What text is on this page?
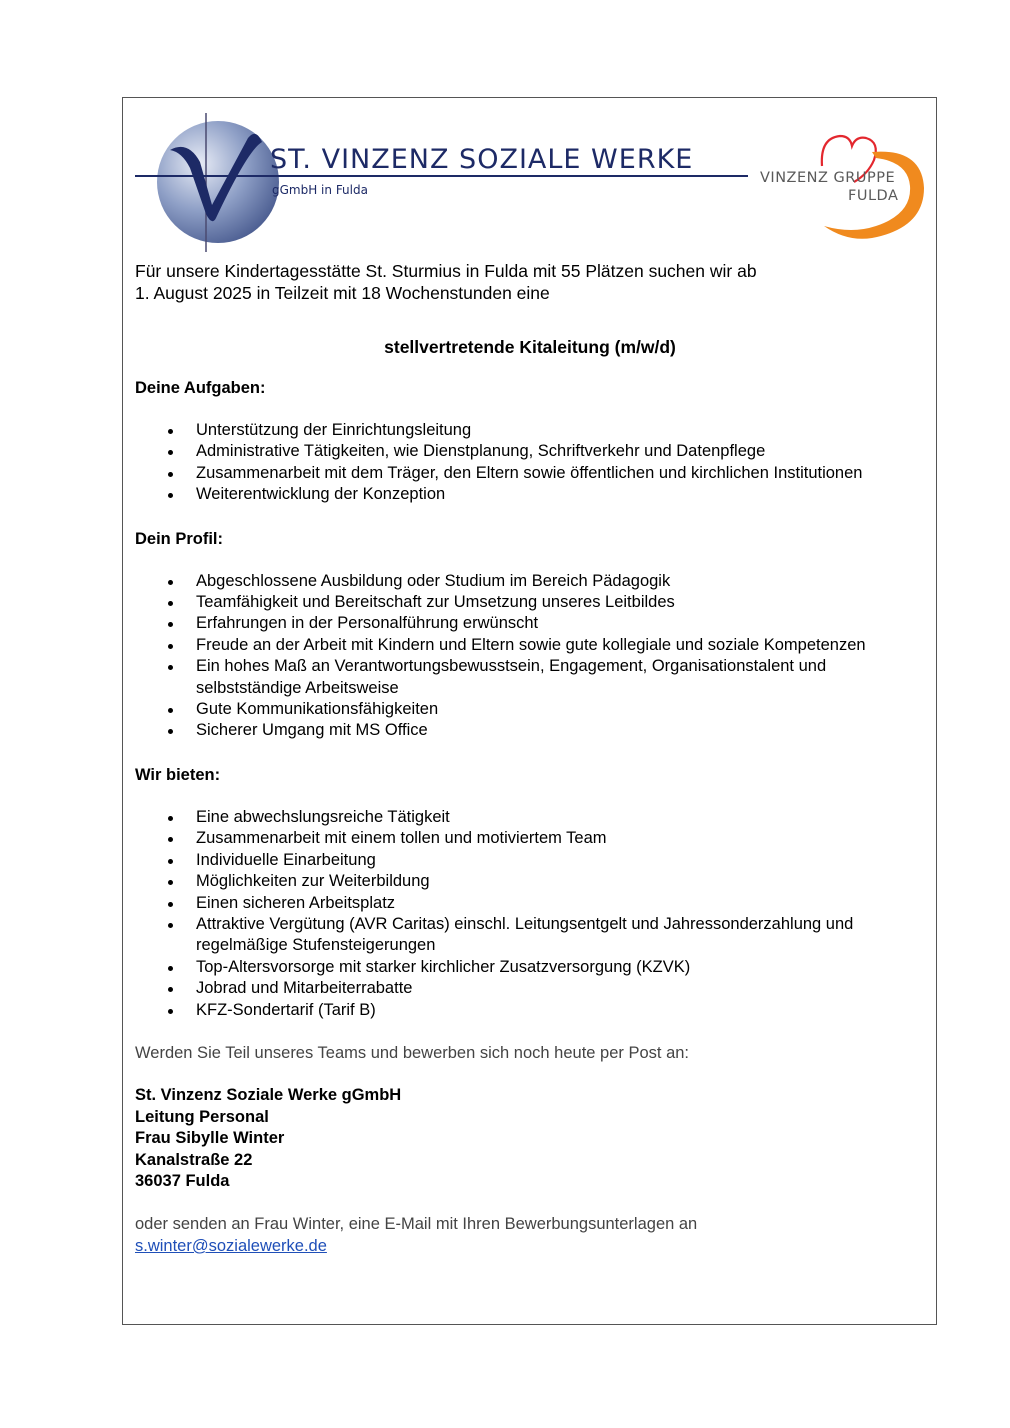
ST. VINZENZ SOZIALE WERKE
gGmbH in Fulda
VINZENZ GRUPPE
FULDA

Für unsere Kindertagesstätte St. Sturmius in Fulda mit 55 Plätzen suchen wir ab

1. August 2025 in Teilzeit mit 18 Wochenstunden eine

stellvertretende Kitaleitung (m/w/d)

Deine Aufgaben:

Unterstützung der Einrichtungsleitung
Administrative Tätigkeiten, wie Dienstplanung, Schriftverkehr und Datenpflege
Zusammenarbeit mit dem Träger, den Eltern sowie öffentlichen und kirchlichen Institutionen
Weiterentwicklung der Konzeption

Dein Profil:

Abgeschlossene Ausbildung oder Studium im Bereich Pädagogik
Teamfähigkeit und Bereitschaft zur Umsetzung unseres Leitbildes
Erfahrungen in der Personalführung erwünscht
Freude an der Arbeit mit Kindern und Eltern sowie gute kollegiale und soziale Kompetenzen
Ein hohes Maß an Verantwortungsbewusstsein, Engagement, Organisationstalent und selbstständige Arbeitsweise
Gute Kommunikationsfähigkeiten
Sicherer Umgang mit MS Office

Wir bieten:

Eine abwechslungsreiche Tätigkeit
Zusammenarbeit mit einem tollen und motiviertem Team
Individuelle Einarbeitung
Möglichkeiten zur Weiterbildung
Einen sicheren Arbeitsplatz
Attraktive Vergütung (AVR Caritas) einschl. Leitungsentgelt und Jahressonderzahlung und regelmäßige Stufensteigerungen
Top-Altersvorsorge mit starker kirchlicher Zusatzversorgung (KZVK)
Jobrad und Mitarbeiterrabatte
KFZ-Sondertarif (Tarif B)

Werden Sie Teil unseres Teams und bewerben sich noch heute per Post an:

St. Vinzenz Soziale Werke gGmbH

Leitung Personal

Frau Sibylle Winter

Kanalstraße 22

36037 Fulda

oder senden an Frau Winter, eine E-Mail mit Ihren Bewerbungsunterlagen an

s.winter@sozialewerke.de
